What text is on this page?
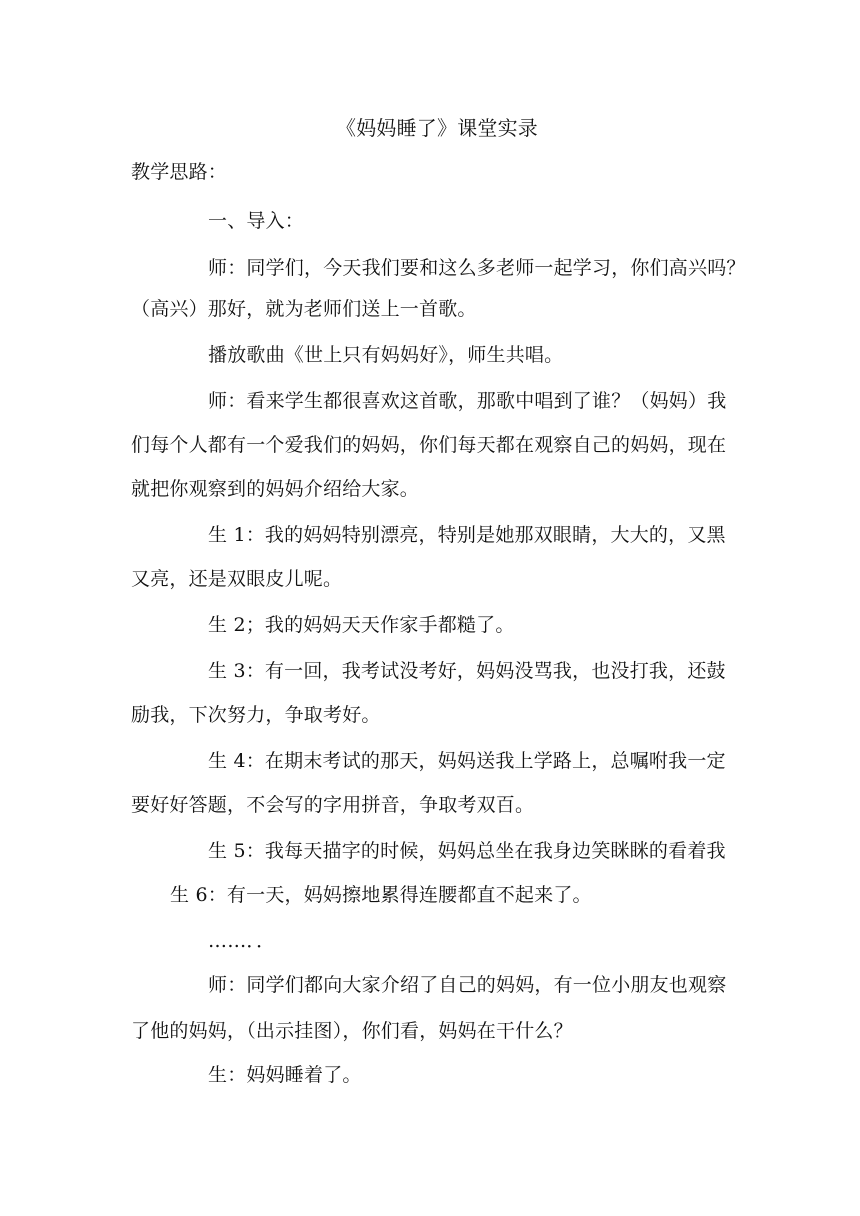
《妈妈睡了》课堂实录
教学思路：
一、导入：
师：同学们，今天我们要和这么多老师一起学习，你们高兴吗？
（高兴）那好，就为老师们送上一首歌。
播放歌曲《世上只有妈妈好》，师生共唱。
师：看来学生都很喜欢这首歌，那歌中唱到了谁？（妈妈）我
们每个人都有一个爱我们的妈妈，你们每天都在观察自己的妈妈，现在
就把你观察到的妈妈介绍给大家。
生 1：我的妈妈特别漂亮，特别是她那双眼睛，大大的，又黑
又亮，还是双眼皮儿呢。
生 2；我的妈妈天天作家手都糙了。
生 3：有一回，我考试没考好，妈妈没骂我，也没打我，还鼓
励我，下次努力，争取考好。
生 4：在期末考试的那天，妈妈送我上学路上，总嘱咐我一定
要好好答题，不会写的字用拼音，争取考双百。
生 5：我每天描字的时候，妈妈总坐在我身边笑眯眯的看着我
生 6：有一天，妈妈擦地累得连腰都直不起来了。
……．．
师：同学们都向大家介绍了自己的妈妈，有一位小朋友也观察
了他的妈妈，（出示挂图），你们看，妈妈在干什么？
生：妈妈睡着了。
